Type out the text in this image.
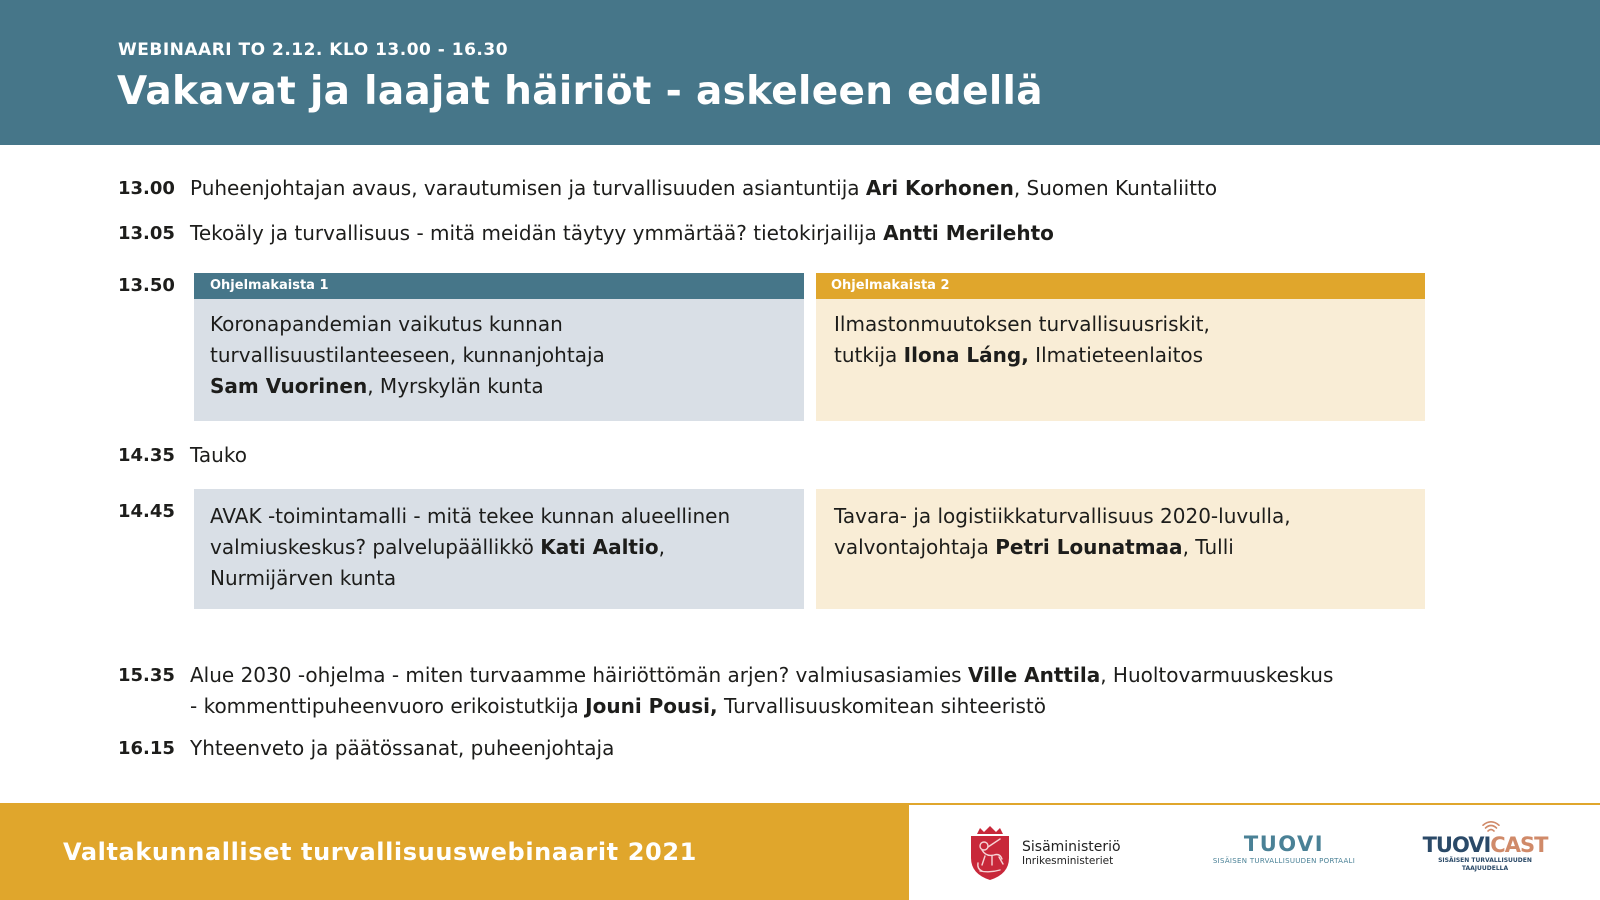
WEBINAARI TO 2.12. KLO 13.00 - 16.30
Vakavat ja laajat häiriöt - askeleen edellä
13.00 Puheenjohtajan avaus, varautumisen ja turvallisuuden asiantuntija Ari Korhonen, Suomen Kuntaliitto
13.05 Tekoäly ja turvallisuus - mitä meidän täytyy ymmärtää? tietokirjailija Antti Merilehto
13.50	Ohjelmakaista 1
Koronapandemian vaikutus kunnan
turvallisuustilanteeseen, kunnanjohtaja
Sam Vuorinen, Myrskylän kunta
Ohjelmakaista 2
Ilmastonmuutoksen turvallisuusriskit,
tutkija Ilona Láng, Ilmatieteenlaitos
14.35 Tauko
14.45 AVAK -toimintamalli - mitä tekee kunnan alueellinen
valmiuskeskus? palvelupäällikkö Kati Aaltio,
Nurmijärven kunta
Tavara- ja logistiikkaturvallisuus 2020-luvulla,
valvontajohtaja Petri Lounatmaa, Tulli
15.35 Alue 2030 -ohjelma - miten turvaamme häiriöttömän arjen? valmiusasiamies Ville Anttila, Huoltovarmuuskeskus
- kommenttipuheenvuoro erikoistutkija Jouni Pousi, Turvallisuuskomitean sihteeristö
16.15 Yhteenveto ja päätössanat, puheenjohtaja
Valtakunnalliset turvallisuuswebinaarit 2021	Sisäministeriö
Inrikesministeriet
TUOVI
SISÄISEN TURVALLISUUDEN PORTAALI
TUOVICAST
SISÄISEN TURVALLISUUDEN
TAAJUUDELLA
